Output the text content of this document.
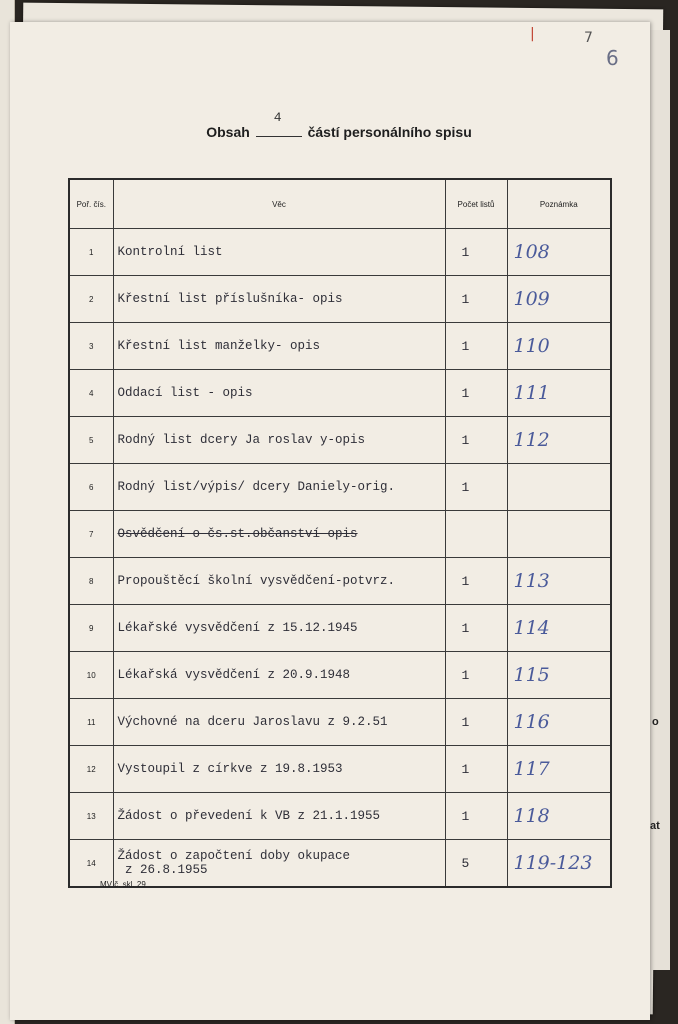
|	7
6
o
at
Obsah
4
částí personálního spisu
Poř. čís.	Věc	Počet listů	Poznámka
1	Kontrolní list	1	108
2	Křestní list příslušníka- opis	1	109
3	Křestní list manželky- opis	1	110
4	Oddací list - opis	1	111
5	Rodný list dcery Ja roslav y-opis	1	112
6	Rodný list/výpis/ dcery Daniely-orig.	1	
7	Osvědčení o čs.st.občanství-opis		
8	Propouštěcí školní vysvědčení-potvrz.	1	113
9	Lékařské vysvědčení z 15.12.1945	1	114
10	Lékařská vysvědčení z 20.9.1948	1	115
11	Výchovné na dceru Jaroslavu z 9.2.51	1	116
12	Vystoupil z církve z 19.8.1953	1	117
13	Žádost o převedení k VB z 21.1.1955	1	118
14	Žádost o započtení doby okupace
z 26.8.1955	5	119-123
MV č. skl. 29
